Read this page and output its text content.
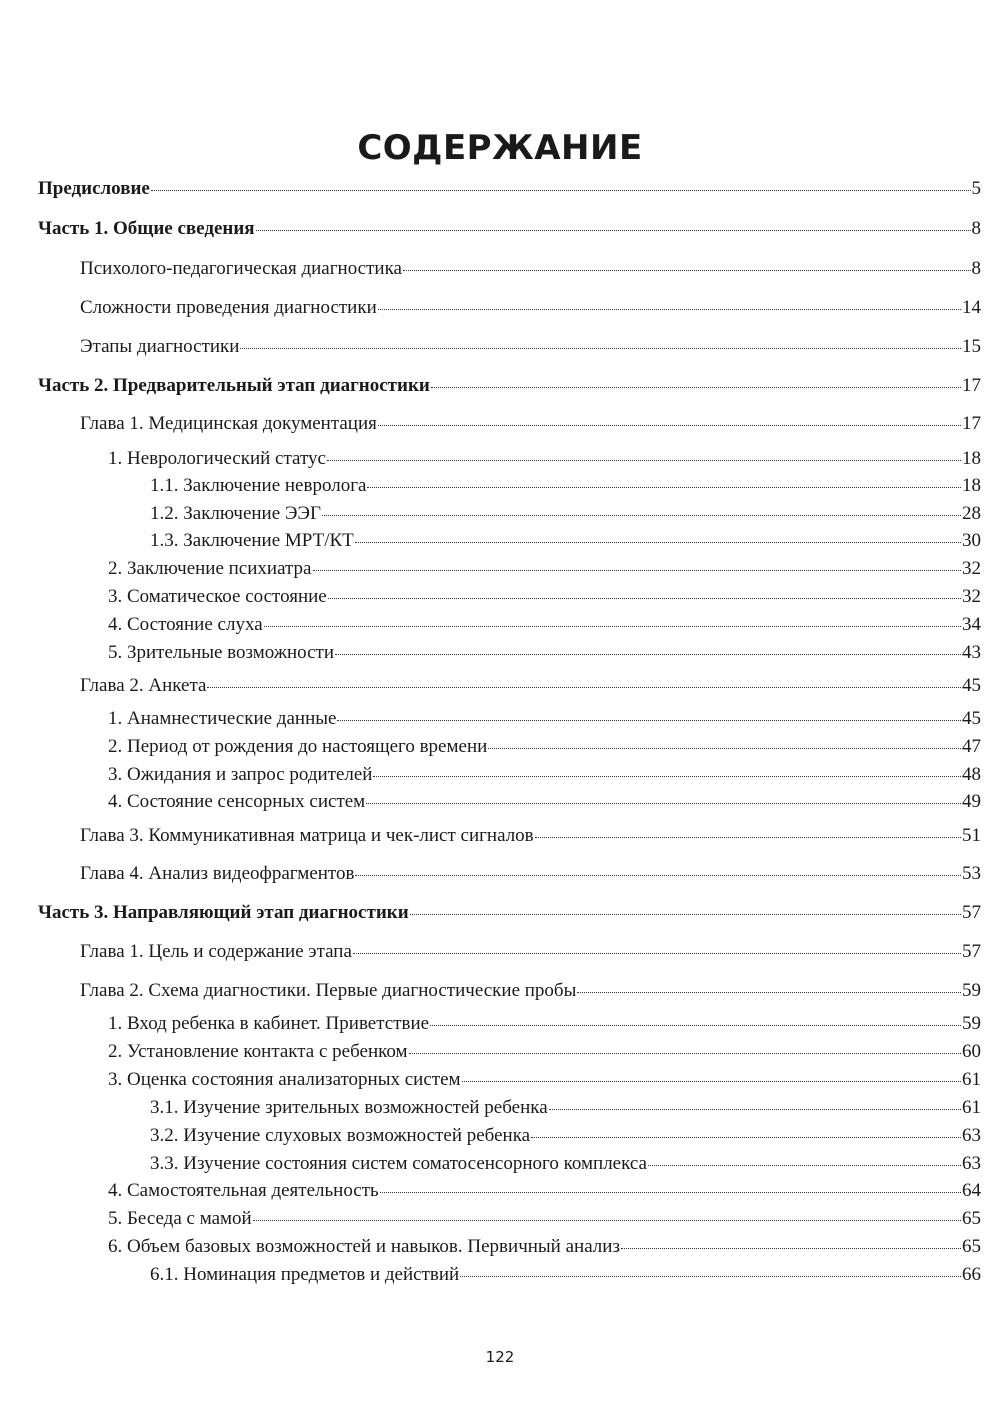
СОДЕРЖАНИЕ
Предисловие	5
Часть 1. Общие сведения	8
Психолого-педагогическая диагностика	8
Сложности проведения диагностики	14
Этапы диагностики	15
Часть 2. Предварительный этап диагностики	17
Глава 1. Медицинская документация	17
1. Неврологический статус	18
1.1. Заключение невролога	18
1.2. Заключение ЭЭГ	28
1.3. Заключение МРТ/КТ	30
2. Заключение психиатра	32
3. Соматическое состояние	32
4. Состояние слуха	34
5. Зрительные возможности	43
Глава 2. Анкета	45
1. Анамнестические данные	45
2. Период от рождения до настоящего времени	47
3. Ожидания и запрос родителей	48
4. Состояние сенсорных систем	49
Глава 3. Коммуникативная матрица и чек-лист сигналов	51
Глава 4. Анализ видеофрагментов	53
Часть 3. Направляющий этап диагностики	57
Глава 1. Цель и содержание этапа	57
Глава 2. Схема диагностики. Первые диагностические пробы	59
1. Вход ребенка в кабинет. Приветствие	59
2. Установление контакта с ребенком	60
3. Оценка состояния анализаторных систем	61
3.1. Изучение зрительных возможностей ребенка	61
3.2. Изучение слуховых возможностей ребенка	63
3.3. Изучение состояния систем соматосенсорного комплекса	63
4. Самостоятельная деятельность	64
5. Беседа с мамой	65
6. Объем базовых возможностей и навыков. Первичный анализ	65
6.1. Номинация предметов и действий	66
122
